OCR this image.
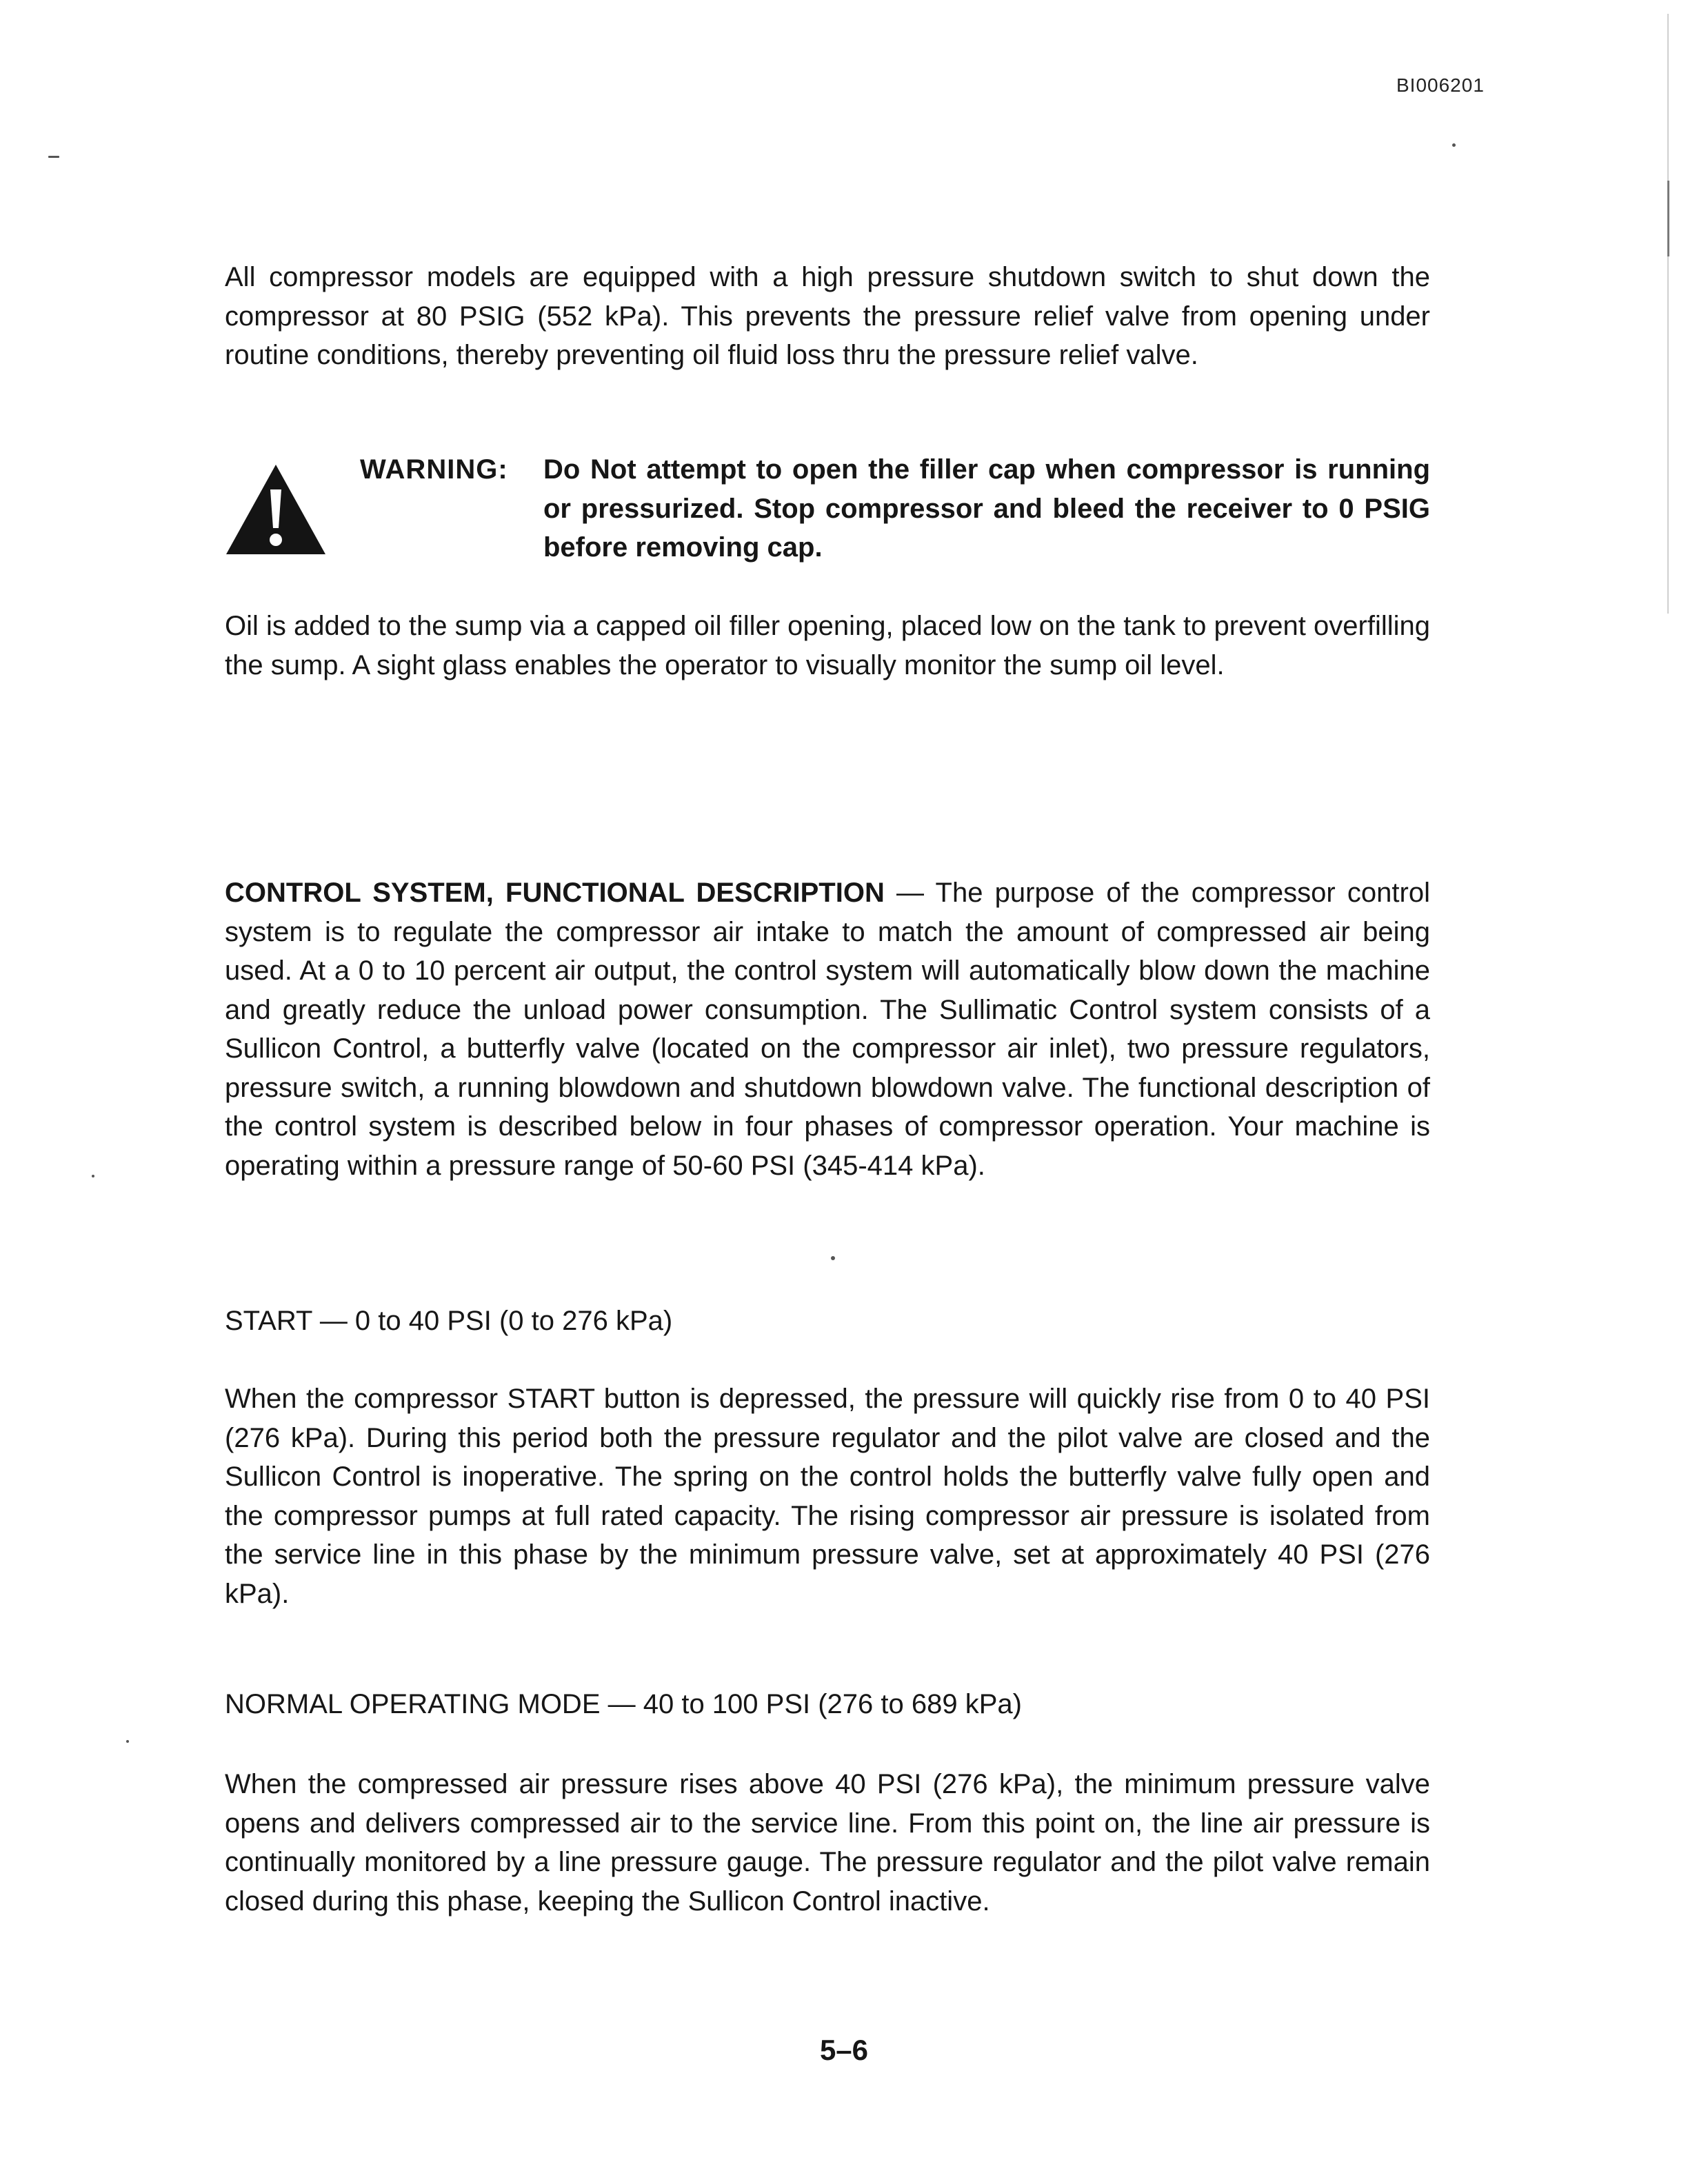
BI006201

All compressor models are equipped with a high pressure shutdown switch to shut down the compressor at 80 PSIG (552 kPa). This prevents the pressure relief valve from opening under routine conditions, thereby preventing oil fluid loss thru the pressure relief valve.

WARNING: Do Not attempt to open the filler cap when compressor is running or pressurized. Stop compressor and bleed the receiver to 0 PSIG before removing cap.

Oil is added to the sump via a capped oil filler opening, placed low on the tank to prevent overfilling the sump. A sight glass enables the operator to visually monitor the sump oil level.

CONTROL SYSTEM, FUNCTIONAL DESCRIPTION — The purpose of the compressor control system is to regulate the compressor air intake to match the amount of compressed air being used. At a 0 to 10 percent air output, the control system will automatically blow down the machine and greatly reduce the unload power consumption. The Sullimatic Control system consists of a Sullicon Control, a butterfly valve (located on the compressor air inlet), two pressure regulators, pressure switch, a running blowdown and shutdown blowdown valve. The functional description of the control system is described below in four phases of compressor operation. Your machine is operating within a pressure range of 50-60 PSI (345-414 kPa).

START — 0 to 40 PSI (0 to 276 kPa)

When the compressor START button is depressed, the pressure will quickly rise from 0 to 40 PSI (276 kPa). During this period both the pressure regulator and the pilot valve are closed and the Sullicon Control is inoperative. The spring on the control holds the butterfly valve fully open and the compressor pumps at full rated capacity. The rising compressor air pressure is isolated from the service line in this phase by the minimum pressure valve, set at approximately 40 PSI (276 kPa).

NORMAL OPERATING MODE — 40 to 100 PSI (276 to 689 kPa)

When the compressed air pressure rises above 40 PSI (276 kPa), the minimum pressure valve opens and delivers compressed air to the service line. From this point on, the line air pressure is continually monitored by a line pressure gauge. The pressure regulator and the pilot valve remain closed during this phase, keeping the Sullicon Control inactive.

5–6
